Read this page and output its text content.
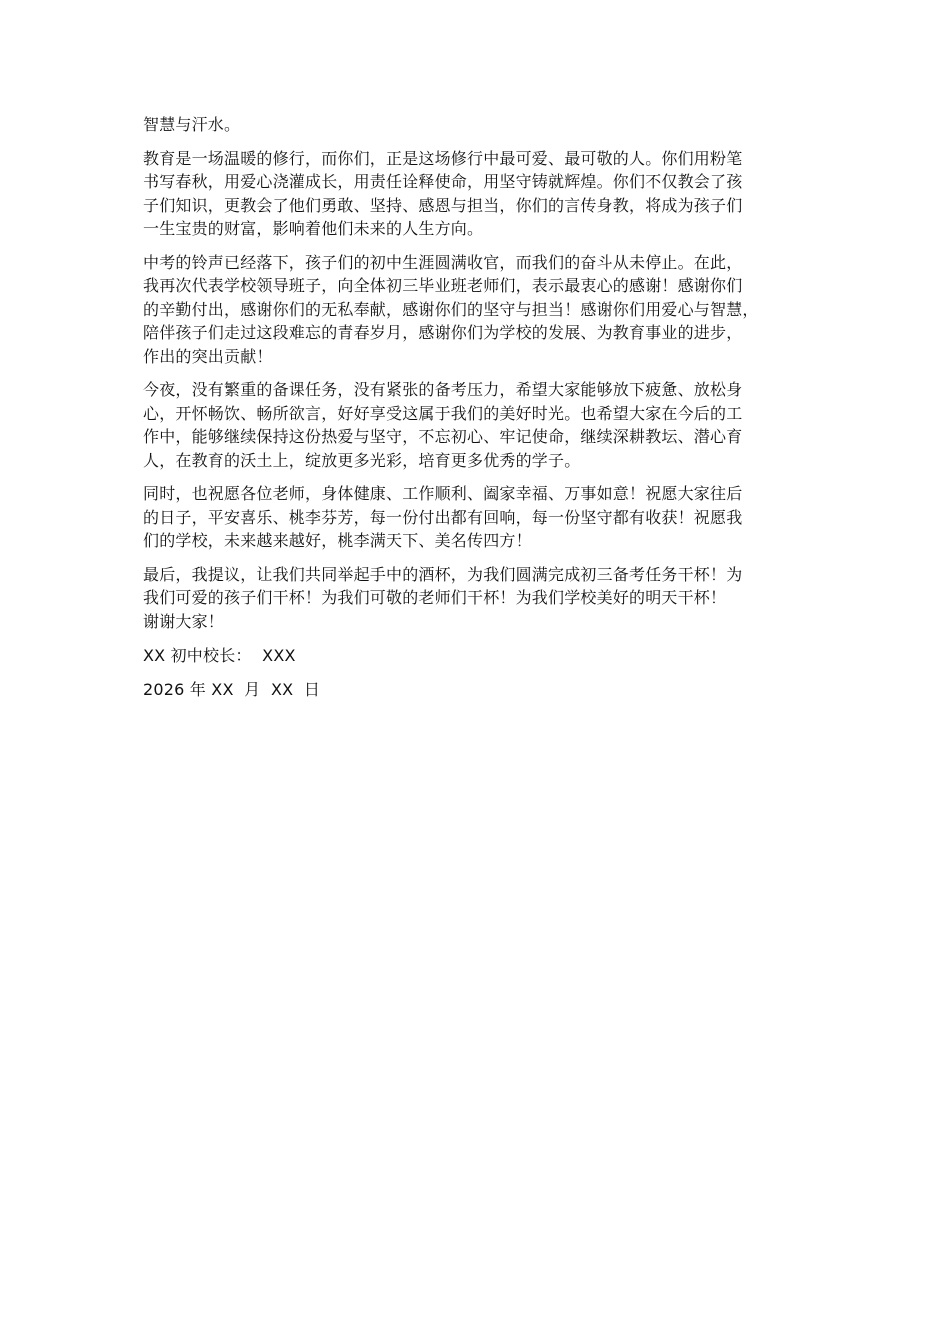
智慧与汗水。
教育是一场温暖的修行，而你们，正是这场修行中最可爱、最可敬的人。你们用粉笔
书写春秋，用爱心浇灌成长，用责任诠释使命，用坚守铸就辉煌。你们不仅教会了孩
子们知识，更教会了他们勇敢、坚持、感恩与担当，你们的言传身教，将成为孩子们
一生宝贵的财富，影响着他们未来的人生方向。
中考的铃声已经落下，孩子们的初中生涯圆满收官，而我们的奋斗从未停止。在此，
我再次代表学校领导班子，向全体初三毕业班老师们，表示最衷心的感谢！感谢你们
的辛勤付出，感谢你们的无私奉献，感谢你们的坚守与担当！感谢你们用爱心与智慧，
陪伴孩子们走过这段难忘的青春岁月，感谢你们为学校的发展、为教育事业的进步，
作出的突出贡献！
今夜，没有繁重的备课任务，没有紧张的备考压力，希望大家能够放下疲惫、放松身
心，开怀畅饮、畅所欲言，好好享受这属于我们的美好时光。也希望大家在今后的工
作中，能够继续保持这份热爱与坚守，不忘初心、牢记使命，继续深耕教坛、潜心育
人，在教育的沃土上，绽放更多光彩，培育更多优秀的学子。
同时，也祝愿各位老师，身体健康、工作顺利、阖家幸福、万事如意！祝愿大家往后
的日子，平安喜乐、桃李芬芳，每一份付出都有回响，每一份坚守都有收获！祝愿我
们的学校，未来越来越好，桃李满天下、美名传四方！
最后，我提议，让我们共同举起手中的酒杯，为我们圆满完成初三备考任务干杯！为
我们可爱的孩子们干杯！为我们可敬的老师们干杯！为我们学校美好的明天干杯！
谢谢大家！
XX 初中校长：  XXX
2026 年 XX  月  XX  日
